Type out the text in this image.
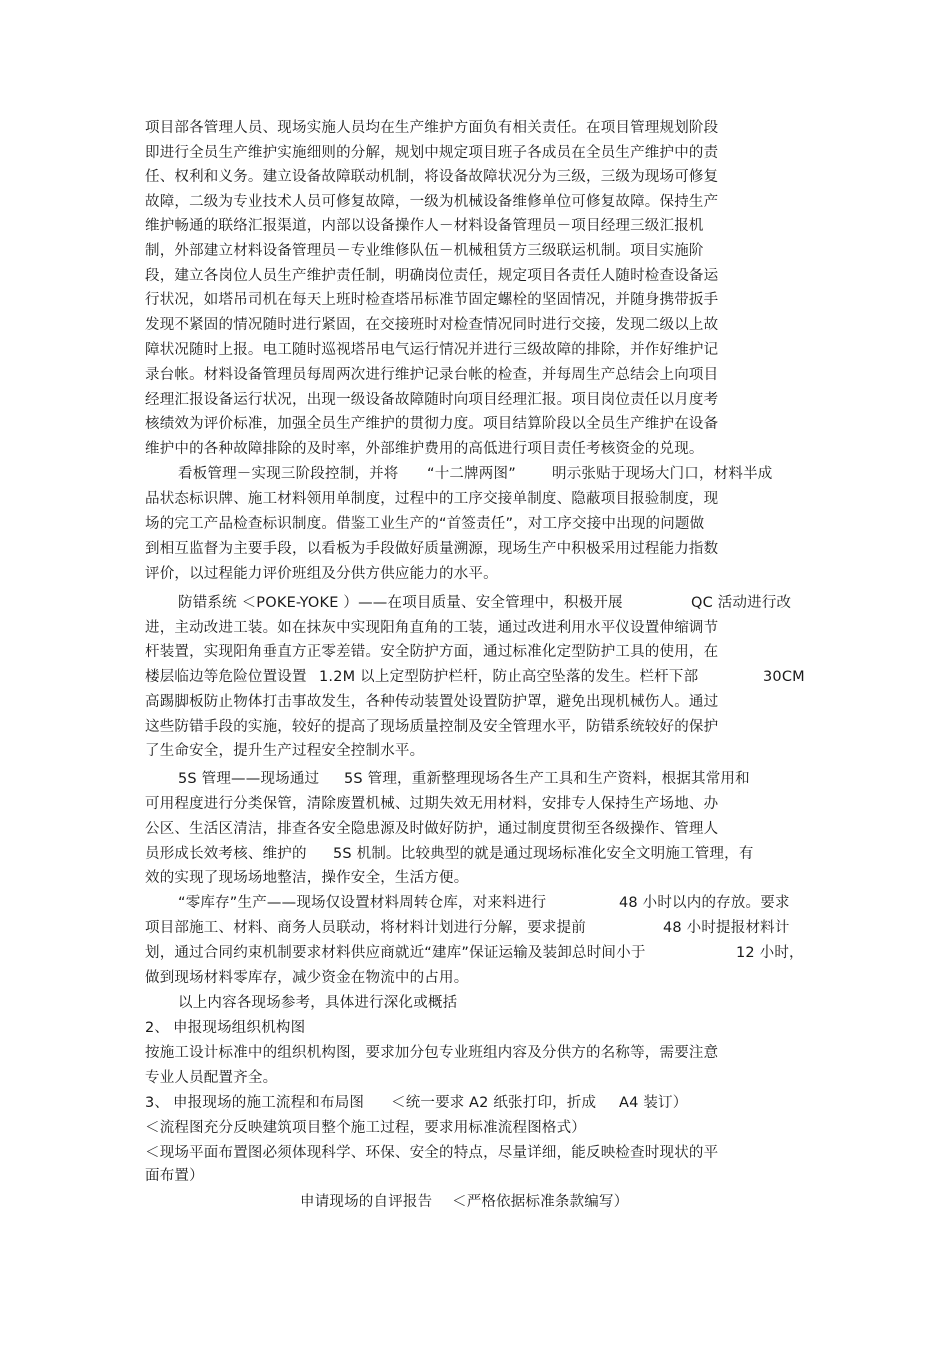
项目部各管理人员、现场实施人员均在生产维护方面负有相关责任。在项目管理规划阶段
即进行全员生产维护实施细则的分解，规划中规定项目班子各成员在全员生产维护中的责
任、权利和义务。建立设备故障联动机制，将设备故障状况分为三级，三级为现场可修复
故障，二级为专业技术人员可修复故障，一级为机械设备维修单位可修复故障。保持生产
维护畅通的联络汇报渠道，内部以设备操作人－材料设备管理员－项目经理三级汇报机
制，外部建立材料设备管理员－专业维修队伍－机械租赁方三级联运机制。项目实施阶
段，建立各岗位人员生产维护责任制，明确岗位责任，规定项目各责任人随时检查设备运
行状况，如塔吊司机在每天上班时检查塔吊标准节固定螺栓的坚固情况，并随身携带扳手
发现不紧固的情况随时进行紧固，在交接班时对检查情况同时进行交接，发现二级以上故
障状况随时上报。电工随时巡视塔吊电气运行情况并进行三级故障的排除，并作好维护记
录台帐。材料设备管理员每周两次进行维护记录台帐的检查，并每周生产总结会上向项目
经理汇报设备运行状况，出现一级设备故障随时向项目经理汇报。项目岗位责任以月度考
核绩效为评价标准，加强全员生产维护的贯彻力度。项目结算阶段以全员生产维护在设备
维护中的各种故障排除的及时率，外部维护费用的高低进行项目责任考核资金的兑现。
看板管理－实现三阶段控制，并将 “十二牌两图” 明示张贴于现场大门口，材料半成
品状态标识牌、施工材料领用单制度，过程中的工序交接单制度、隐蔽项目报验制度，现
场的完工产品检查标识制度。借鉴工业生产的“首签责任”，对工序交接中出现的问题做
到相互监督为主要手段，以看板为手段做好质量溯源，现场生产中积极采用过程能力指数
评价，以过程能力评价班组及分供方供应能力的水平。
防错系统 ＜POKE-YOKE ）——在项目质量、安全管理中，积极开展	QC 活动进行改
进，主动改进工装。如在抹灰中实现阳角直角的工装，通过改进利用水平仪设置伸缩调节
杆装置，实现阳角垂直方正零差错。安全防护方面，通过标准化定型防护工具的使用，在
楼层临边等危险位置设置 1.2M 以上定型防护栏杆，防止高空坠落的发生。栏杆下部	30CM
高踢脚板防止物体打击事故发生，各种传动装置处设置防护罩，避免出现机械伤人。通过
这些防错手段的实施，较好的提高了现场质量控制及安全管理水平，防错系统较好的保护
了生命安全，提升生产过程安全控制水平。
5S 管理——现场通过 5S 管理，重新整理现场各生产工具和生产资料，根据其常用和
可用程度进行分类保管，清除废置机械、过期失效无用材料，安排专人保持生产场地、办
公区、生活区清洁，排查各安全隐患源及时做好防护，通过制度贯彻至各级操作、管理人
员形成长效考核、维护的 5S 机制。比较典型的就是通过现场标准化安全文明施工管理，有
效的实现了现场场地整洁，操作安全，生活方便。
“零库存”生产——现场仅设置材料周转仓库，对来料进行	48 小时以内的存放。要求
项目部施工、材料、商务人员联动，将材料计划进行分解，要求提前	48 小时提报材料计
划，通过合同约束机制要求材料供应商就近“建库”保证运输及装卸总时间小于	12 小时，
做到现场材料零库存，减少资金在物流中的占用。
以上内容各现场参考，具体进行深化或概括
2、 申报现场组织机构图
按施工设计标准中的组织机构图，要求加分包专业班组内容及分供方的名称等，需要注意
专业人员配置齐全。
3、 申报现场的施工流程和布局图 ＜统一要求 A2 纸张打印，折成 A4 装订）
＜流程图充分反映建筑项目整个施工过程，要求用标准流程图格式）
＜现场平面布置图必须体现科学、环保、安全的特点，尽量详细，能反映检查时现状的平
面布置）
申请现场的自评报告 ＜严格依据标准条款编写）
